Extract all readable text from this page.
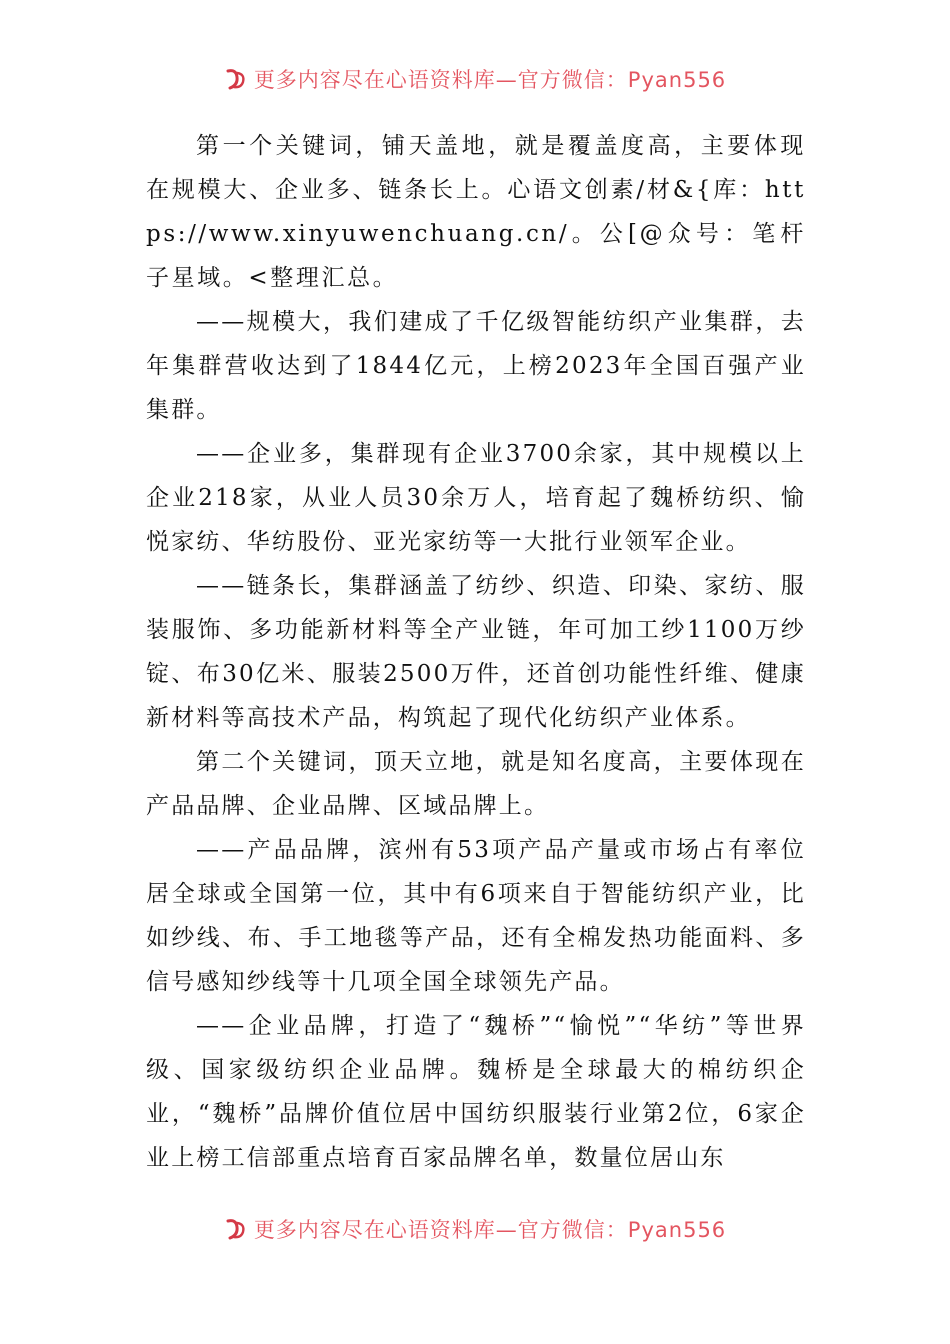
更多内容尽在心语资料库—官方微信：Pyan556

第一个关键词，铺天盖地，就是覆盖度高，主要体现在规模大、企业多、链条长上。心语文创素/材&{库：https://www.xinyuwenchuang.cn/。公[@众号：笔杆子星域。<整理汇总。

——规模大，我们建成了千亿级智能纺织产业集群，去年集群营收达到了1844亿元，上榜2023年全国百强产业集群。

——企业多，集群现有企业3700余家，其中规模以上企业218家，从业人员30余万人，培育起了魏桥纺织、愉悦家纺、华纺股份、亚光家纺等一大批行业领军企业。

——链条长，集群涵盖了纺纱、织造、印染、家纺、服装服饰、多功能新材料等全产业链，年可加工纱1100万纱锭、布30亿米、服装2500万件，还首创功能性纤维、健康新材料等高技术产品，构筑起了现代化纺织产业体系。

第二个关键词，顶天立地，就是知名度高，主要体现在产品品牌、企业品牌、区域品牌上。

——产品品牌，滨州有53项产品产量或市场占有率位居全球或全国第一位，其中有6项来自于智能纺织产业，比如纱线、布、手工地毯等产品，还有全棉发热功能面料、多信号感知纱线等十几项全国全球领先产品。

——企业品牌，打造了“魏桥”“愉悦”“华纺”等世界级、国家级纺织企业品牌。魏桥是全球最大的棉纺织企业，“魏桥”品牌价值位居中国纺织服装行业第2位，6家企业上榜工信部重点培育百家品牌名单，数量位居山东

更多内容尽在心语资料库—官方微信：Pyan556
